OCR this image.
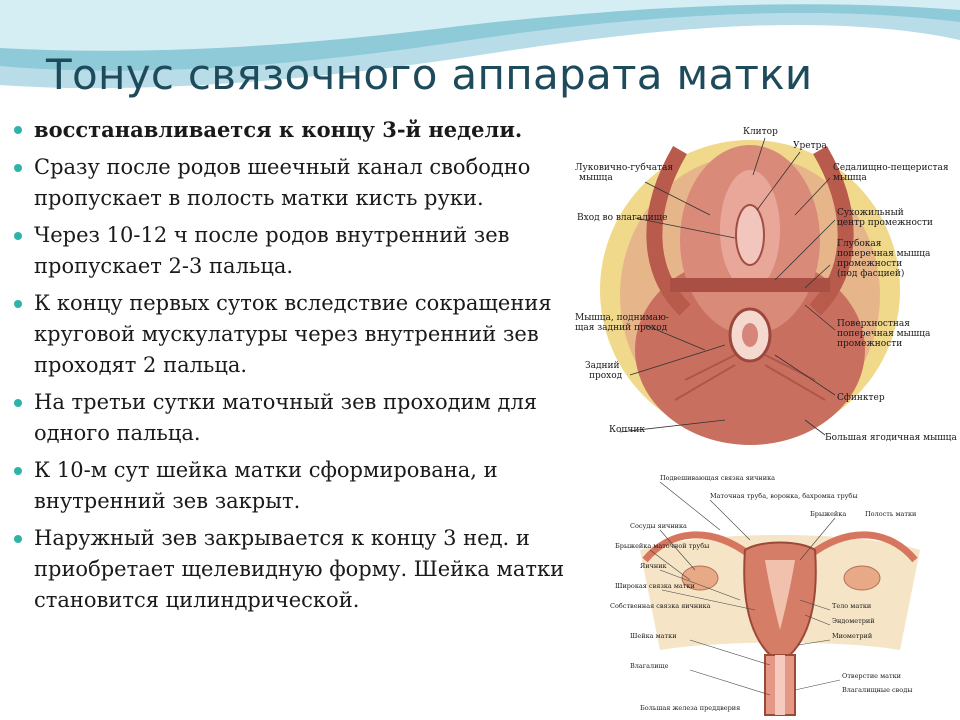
Тонус связочного аппарата матки
восстанавливается к концу 3-й недели.
Сразу после родов шеечный канал свободно пропускает в полость матки кисть руки.
Через 10-12 ч после родов внутренний зев пропускает 2-3 пальца.
К концу первых суток вследствие сокращения круговой мускулатуры через внутренний зев проходят 2 пальца.
На третьи сутки маточный зев проходим для одного пальца.
К 10-м сут шейка матки сформирована, и внутренний зев закрыт.
Наружный зев закрывается к концу 3 нед. и приобретает щелевидную форму. Шейка матки становится цилиндрической.
Клитор
Уретра
Луковично-губчатая
мышца
Седалищно-пещеристая
мышца
Вход во влагалище	Сухожильный
центр промежности
Глубокая
поперечная мышца
промежности
(под фасцией)
Мышца, поднимаю-
щая задний проход	Поверхностная
поперечная мышца
промежности
Задний
проход
Сфинктер
Копчик
Большая ягодичная мышца
Подвешивающая связка яичника
Маточная труба, воронка, бахромка трубы
Брыжейка	Полость матки
Сосуды яичника
Брыжейка маточной трубы
Яичник
Широкая связка матки
Собственная связка яичника	Тело матки
Эндометрий
Миометрий
Шейка матки
Влагалище
Отверстие матки
Влагалищные своды
Большая железа преддверия
